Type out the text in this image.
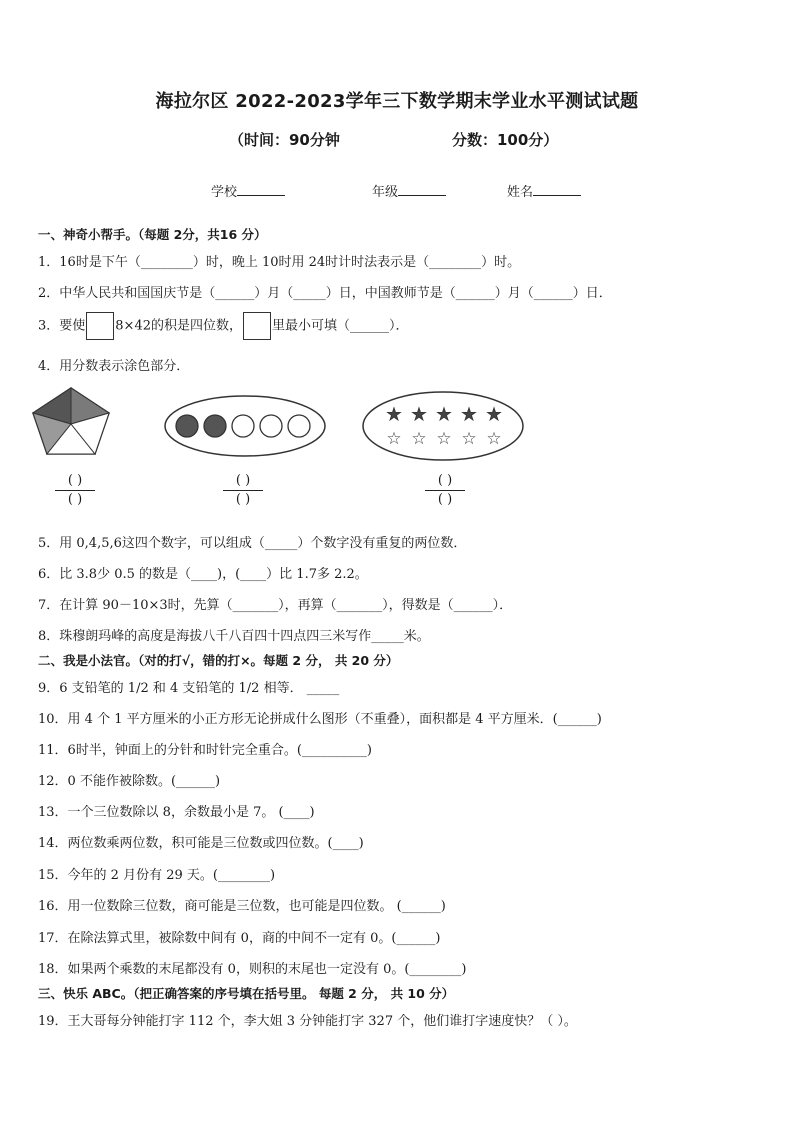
海拉尔区 2022-2023学年三下数学期末学业水平测试试题
（时间：90分钟	分数：100分）
学校	年级	姓名
一、神奇小帮手。（每题 2分，共16 分）
1．16时是下午（________）时，晚上 10时用 24时计时法表示是（________）时。
2．中华人民共和国国庆节是（______）月（_____）日，中国教师节是（______）月（______）日．
3．要使 8×42的积是四位数， 里最小可填（______）．
4．用分数表示涂色部分．
★ ★ ★ ★ ★
☆ ☆ ☆ ☆ ☆
( )
( )
( )
( )
( )
( )
5．用 0,4,5,6这四个数字，可以组成（_____）个数字没有重复的两位数．
6．比 3.8少 0.5 的数是（____)，(____）比 1.7多 2.2。
7．在计算 90－10×3时，先算（_______），再算（_______），得数是（______）．
8．珠穆朗玛峰的高度是海拔八千八百四十四点四三米写作_____米。
二、我是小法官。（对的打√，错的打×。每题 2 分， 共 20 分）
9．6 支铅笔的 1/2 和 4 支铅笔的 1/2 相等． _____
10．用 4 个 1 平方厘米的小正方形无论拼成什么图形（不重叠），面积都是 4 平方厘米．(______)
11．6时半，钟面上的分针和时针完全重合。(__________)
12．0 不能作被除数。(______)
13．一个三位数除以 8，余数最小是 7。 (____)
14．两位数乘两位数，积可能是三位数或四位数。(____)
15．今年的 2 月份有 29 天。(________)
16．用一位数除三位数，商可能是三位数，也可能是四位数。 (______)
17．在除法算式里，被除数中间有 0，商的中间不一定有 0。(______)
18．如果两个乘数的末尾都没有 0，则积的末尾也一定没有 0。(________)
三、快乐 ABC。（把正确答案的序号填在括号里。 每题 2 分， 共 10 分）
19．王大哥每分钟能打字 112 个，李大姐 3 分钟能打字 327 个，他们谁打字速度快？（ ）。
